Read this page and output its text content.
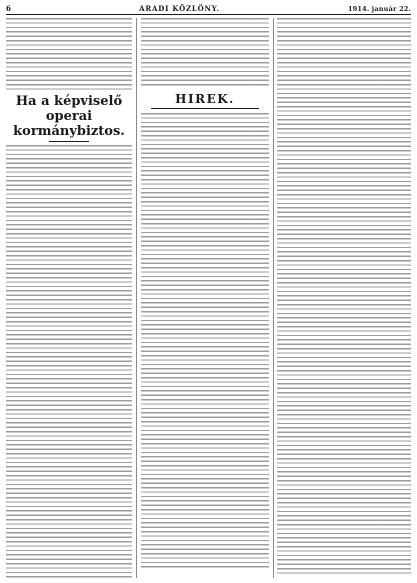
6	ARADI KÖZLÖNY.	1914. január 22.
Ha a képviselő operai kormánybiztos.
HIREK.
